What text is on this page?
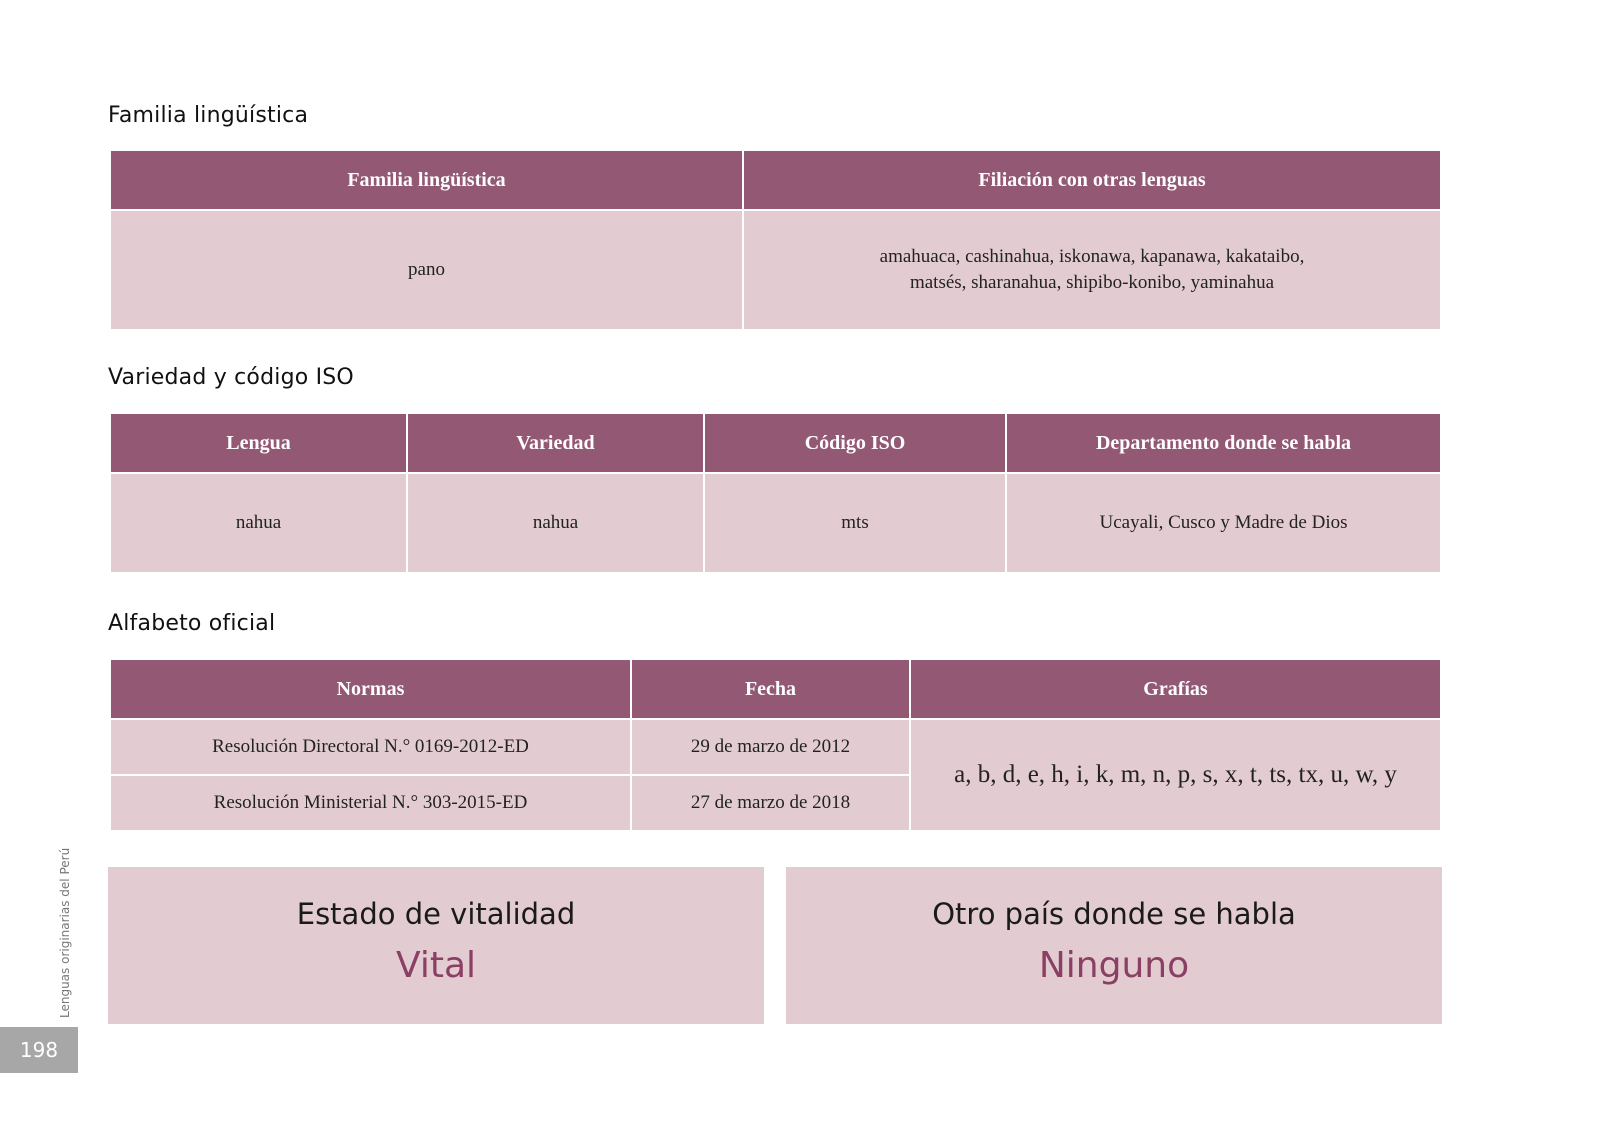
Familia lingüística
Familia lingüística	Filiación con otras lenguas
pano	amahuaca, cashinahua, iskonawa, kapanawa, kakataibo,
matsés, sharanahua, shipibo-konibo, yaminahua
Variedad y código ISO
Lengua	Variedad	Código ISO	Departamento donde se habla
nahua	nahua	mts	Ucayali, Cusco y Madre de Dios
Alfabeto oficial
Normas	Fecha	Grafías
Resolución Directoral N.° 0169-2012-ED	29 de marzo de 2012	a, b, d, e, h, i, k, m, n, p, s, x, t, ts, tx, u, w, y
Resolución Ministerial N.° 303-2015-ED	27 de marzo de 2018	
Estado de vitalidad
Vital
Otro país donde se habla
Ninguno
Lenguas originarias del Perú
198
